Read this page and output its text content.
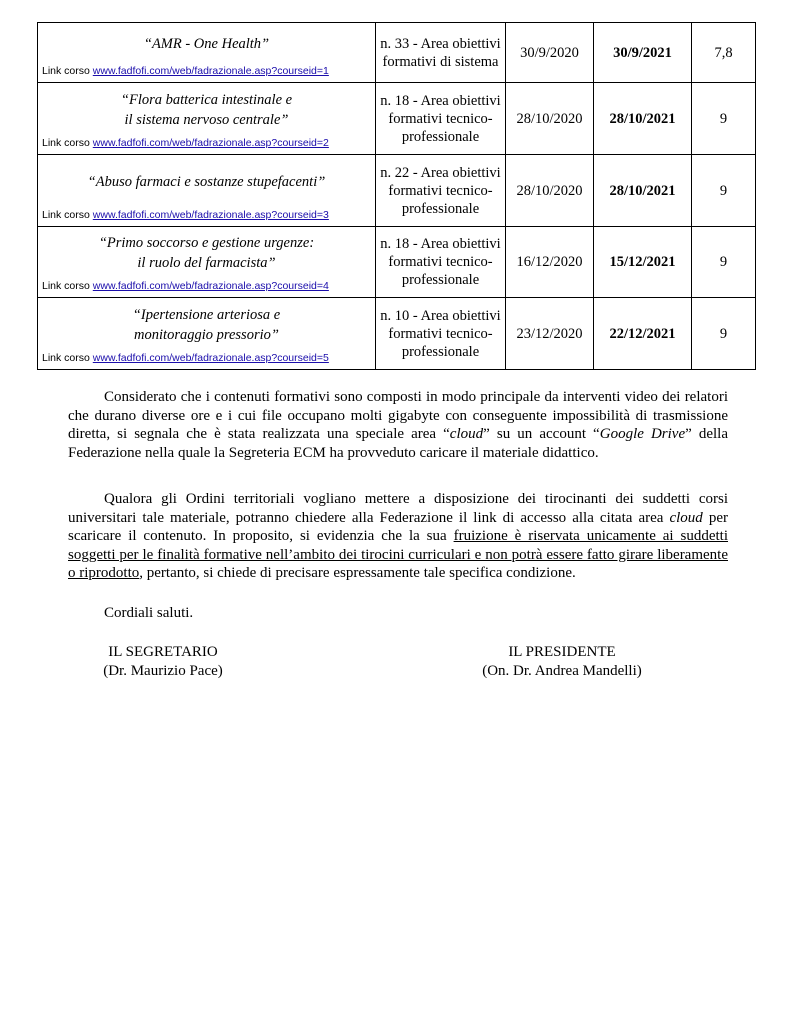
“AMR - One Health”
Link corso www.fadfofi.com/web/fadrazionale.asp?courseid=1	n. 33 - Area obiettivi formativi di sistema	30/9/2020	30/9/2021	7,8

“Flora batterica intestinale e
il sistema nervoso centrale”
Link corso www.fadfofi.com/web/fadrazionale.asp?courseid=2	n. 18 - Area obiettivi formativi tecnico-professionale	28/10/2020	28/10/2021	9

“Abuso farmaci e sostanze stupefacenti”
Link corso www.fadfofi.com/web/fadrazionale.asp?courseid=3	n. 22 - Area obiettivi formativi tecnico-professionale	28/10/2020	28/10/2021	9

“Primo soccorso e gestione urgenze:
il ruolo del farmacista”
Link corso www.fadfofi.com/web/fadrazionale.asp?courseid=4	n. 18 - Area obiettivi formativi tecnico-professionale	16/12/2020	15/12/2021	9

“Ipertensione arteriosa e
monitoraggio pressorio”
Link corso www.fadfofi.com/web/fadrazionale.asp?courseid=5	n. 10 - Area obiettivi formativi tecnico-professionale	23/12/2020	22/12/2021	9

Considerato che i contenuti formativi sono composti in modo principale da interventi video dei relatori che durano diverse ore e i cui file occupano molti gigabyte con conseguente impossibilità di trasmissione diretta, si segnala che è stata realizzata una speciale area “cloud” su un account “Google Drive” della Federazione nella quale la Segreteria ECM ha provveduto caricare il materiale didattico.

Qualora gli Ordini territoriali vogliano mettere a disposizione dei tirocinanti dei suddetti corsi universitari tale materiale, potranno chiedere alla Federazione il link di accesso alla citata area cloud per scaricare il contenuto. In proposito, si evidenzia che la sua fruizione è riservata unicamente ai suddetti soggetti per le finalità formative nell’ambito dei tirocini curriculari e non potrà essere fatto girare liberamente o riprodotto, pertanto, si chiede di precisare espressamente tale specifica condizione.

Cordiali saluti.

IL SEGRETARIO
(Dr. Maurizio Pace)
IL PRESIDENTE
(On. Dr. Andrea Mandelli)
